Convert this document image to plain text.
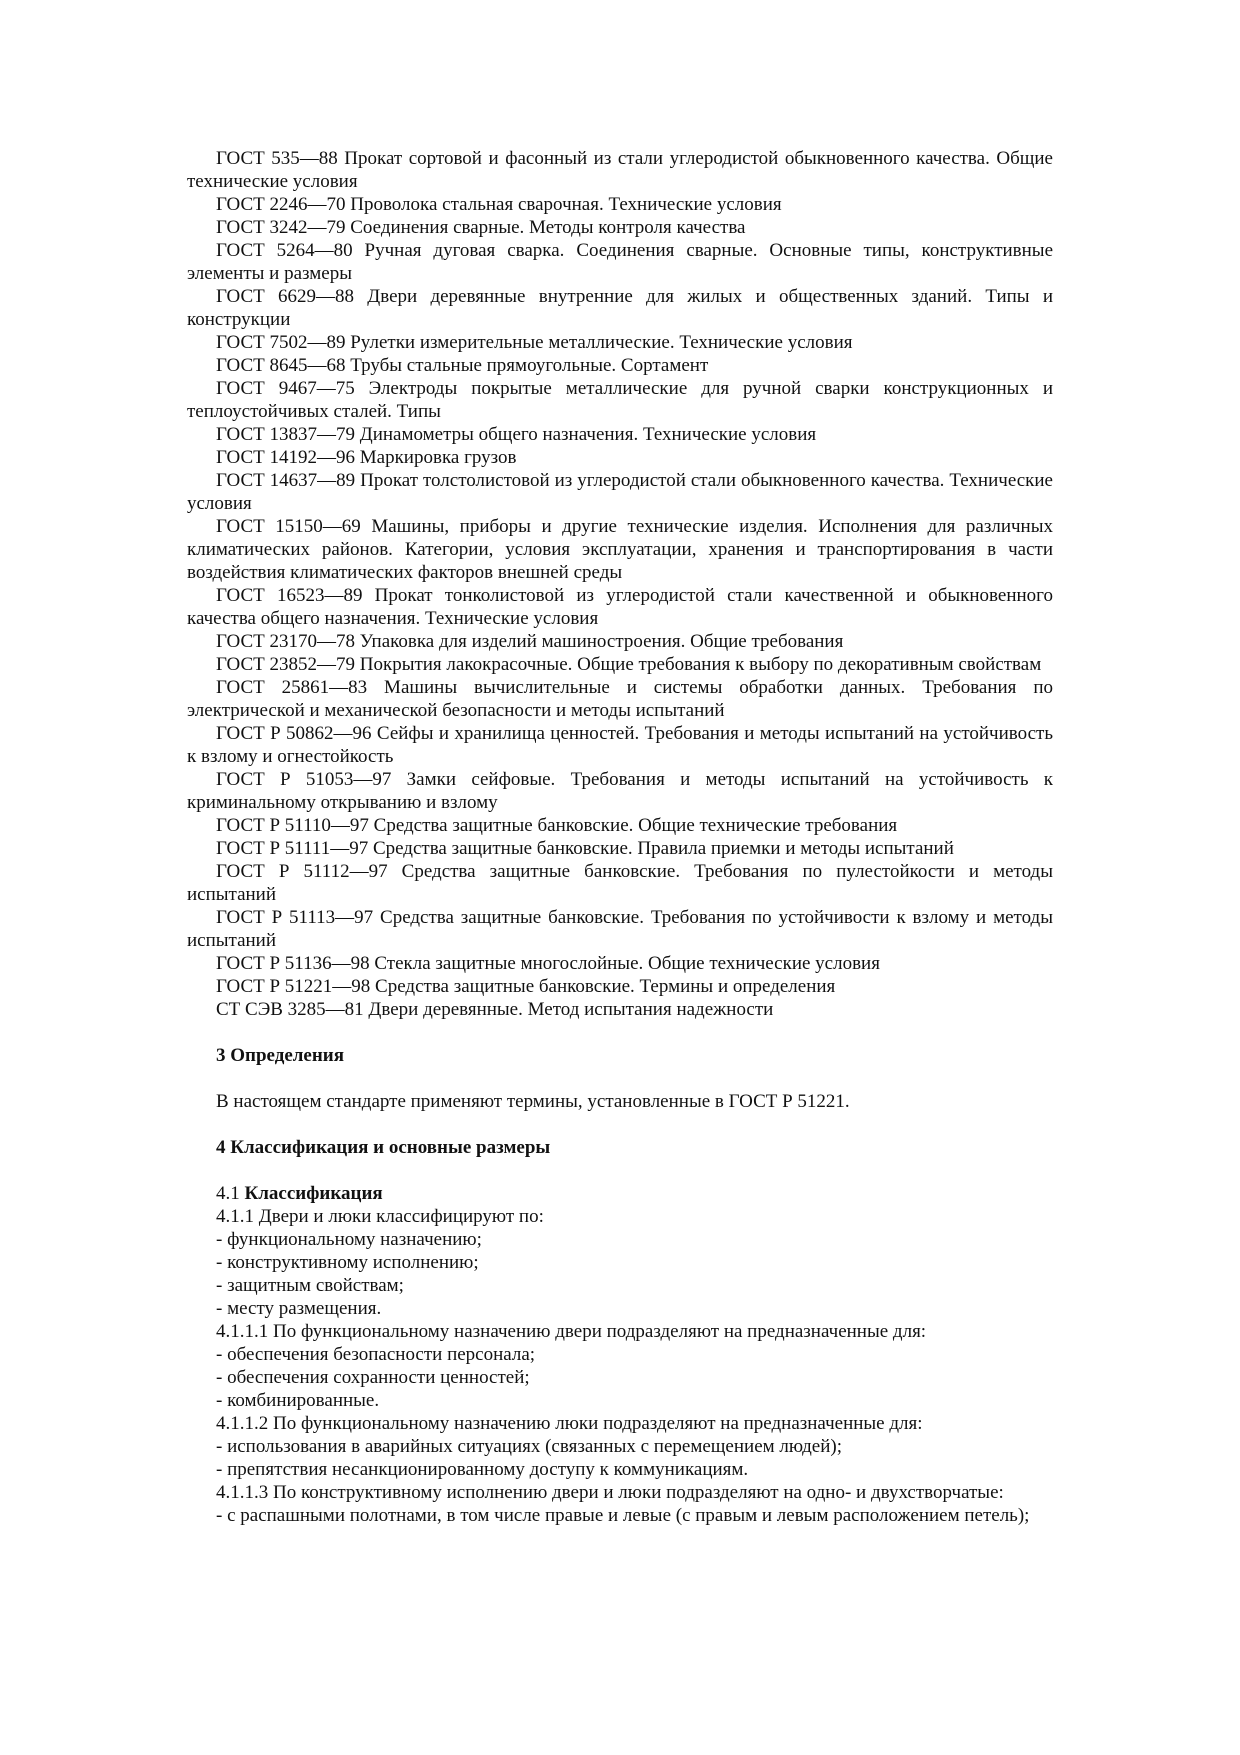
ГОСТ 535—88 Прокат сортовой и фасонный из стали углеродистой обыкновенного качества. Общие технические условия

ГОСТ 2246—70 Проволока стальная сварочная. Технические условия

ГОСТ 3242—79 Соединения сварные. Методы контроля качества

ГОСТ 5264—80 Ручная дуговая сварка. Соединения сварные. Основные типы, конструктивные элементы и размеры

ГОСТ 6629—88 Двери деревянные внутренние для жилых и общественных зданий. Типы и конструкции

ГОСТ 7502—89 Рулетки измерительные металлические. Технические условия

ГОСТ 8645—68 Трубы стальные прямоугольные. Сортамент

ГОСТ 9467—75 Электроды покрытые металлические для ручной сварки конструкционных и теплоустойчивых сталей. Типы

ГОСТ 13837—79 Динамометры общего назначения. Технические условия

ГОСТ 14192—96 Маркировка грузов

ГОСТ 14637—89 Прокат толстолистовой из углеродистой стали обыкновенного качества. Технические условия

ГОСТ 15150—69 Машины, приборы и другие технические изделия. Исполнения для различных климатических районов. Категории, условия эксплуатации, хранения и транспортирования в части воздействия климатических факторов внешней среды

ГОСТ 16523—89 Прокат тонколистовой из углеродистой стали качественной и обыкновенного качества общего назначения. Технические условия

ГОСТ 23170—78 Упаковка для изделий машиностроения. Общие требования

ГОСТ 23852—79 Покрытия лакокрасочные. Общие требования к выбору по декоративным свойствам

ГОСТ 25861—83 Машины вычислительные и системы обработки данных. Требования по электрической и механической безопасности и методы испытаний

ГОСТ Р 50862—96 Сейфы и хранилища ценностей. Требования и методы испытаний на устойчивость к взлому и огнестойкость

ГОСТ Р 51053—97 Замки сейфовые. Требования и методы испытаний на устойчивость к криминальному открыванию и взлому

ГОСТ Р 51110—97 Средства защитные банковские. Общие технические требования

ГОСТ Р 51111—97 Средства защитные банковские. Правила приемки и методы испытаний

ГОСТ Р 51112—97 Средства защитные банковские. Требования по пулестойкости и методы испытаний

ГОСТ Р 51113—97 Средства защитные банковские. Требования по устойчивости к взлому и методы испытаний

ГОСТ Р 51136—98 Стекла защитные многослойные. Общие технические условия

ГОСТ Р 51221—98 Средства защитные банковские. Термины и определения

СТ СЭВ 3285—81 Двери деревянные. Метод испытания надежности

3 Определения

В настоящем стандарте применяют термины, установленные в ГОСТ Р 51221.

4 Классификация и основные размеры

4.1 Классификация

4.1.1 Двери и люки классифицируют по:

- функциональному назначению;

- конструктивному исполнению;

- защитным свойствам;

- месту размещения.

4.1.1.1 По функциональному назначению двери подразделяют на предназначенные для:

- обеспечения безопасности персонала;

- обеспечения сохранности ценностей;

- комбинированные.

4.1.1.2 По функциональному назначению люки подразделяют на предназначенные для:

- использования в аварийных ситуациях (связанных с перемещением людей);

- препятствия несанкционированному доступу к коммуникациям.

4.1.1.3 По конструктивному исполнению двери и люки подразделяют на одно- и двухстворчатые:

- с распашными полотнами, в том числе правые и левые (с правым и левым расположением петель);
